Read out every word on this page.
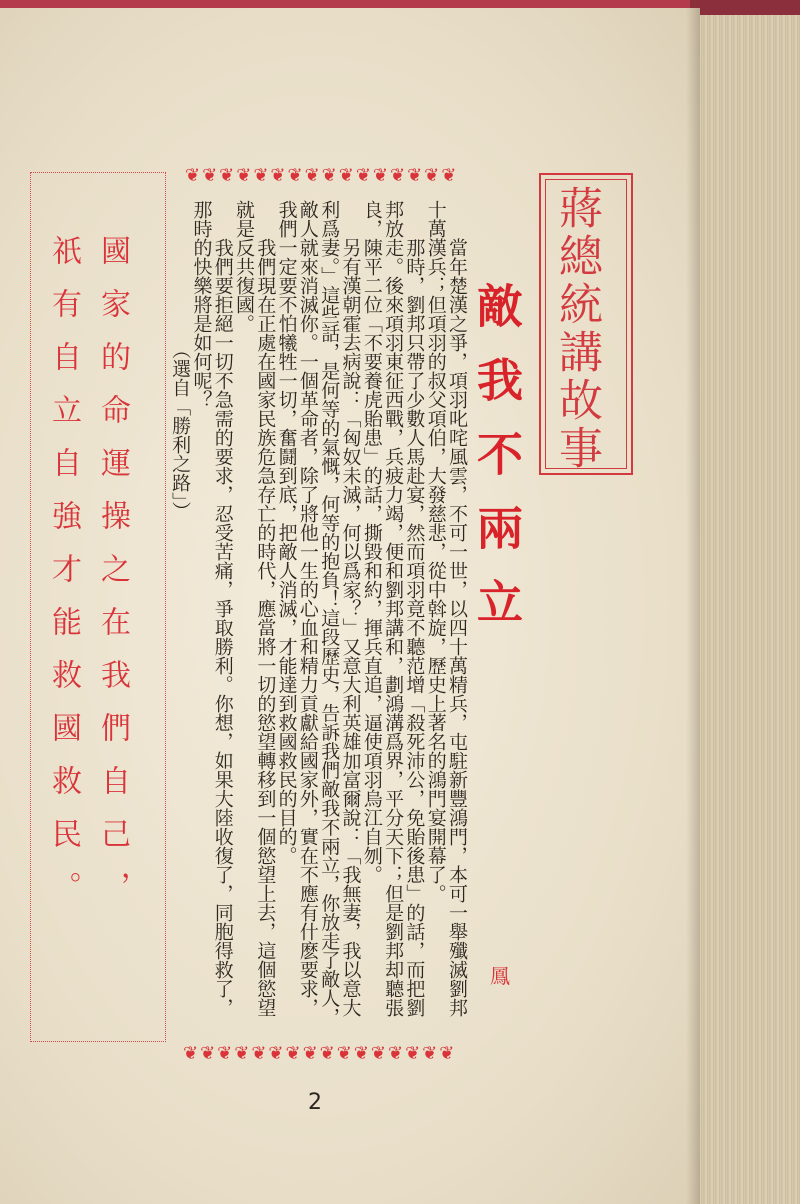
國家的命運操之在我們自己，
祇有自立自強才能救國救民。
❦❦❦❦❦❦❦❦❦❦❦❦❦❦❦❦
❦❦❦❦❦❦❦❦❦❦❦❦❦❦❦❦
蔣總統講故事
敵我不兩立
鳳

當年楚漢之爭，項羽叱咤風雲，不可一世，以四十萬精兵，屯駐新豐鴻門，本可一舉殲滅劉邦十萬漢兵；但項羽的叔父項伯，大發慈悲，從中斡旋，歷史上著名的鴻門宴開幕了。

那時，劉邦只帶了少數人馬赴宴，然而項羽竟不聽范增「殺死沛公，免貽後患」的話，而把劉邦放走。後來項羽東征西戰，兵疲力竭，便和劉邦講和，劃鴻溝爲界，平分天下；但是劉邦却聽張良，陳平二位「不要養虎貽患」的話，撕毀和約，揮兵直追，逼使項羽烏江自刎。

另有漢朝霍去病說：「匈奴未滅，何以爲家？」又意大利英雄加富爾說：「我無妻，我以意大利爲妻。」這些話，是何等的氣慨，何等的抱負！這段歷史，告訴我們敵我不兩立，你放走了敵人，敵人就來消滅你。一個革命者，除了將他一生的心血和精力貢獻給國家外，實在不應有什麽要求，我們一定要不怕犧牲一切，奮鬪到底，把敵人消滅，才能達到救國救民的目的。

我們現在正處在國家民族危急存亡的時代，應當將一切的慾望轉移到一個慾望上去，這個慾望就是反共復國。

我們要拒絕一切不急需的要求，忍受苦痛，爭取勝利。你想，如果大陸收復了，同胞得救了，那時的快樂將是如何呢？

（選自「勝利之路」）

2
